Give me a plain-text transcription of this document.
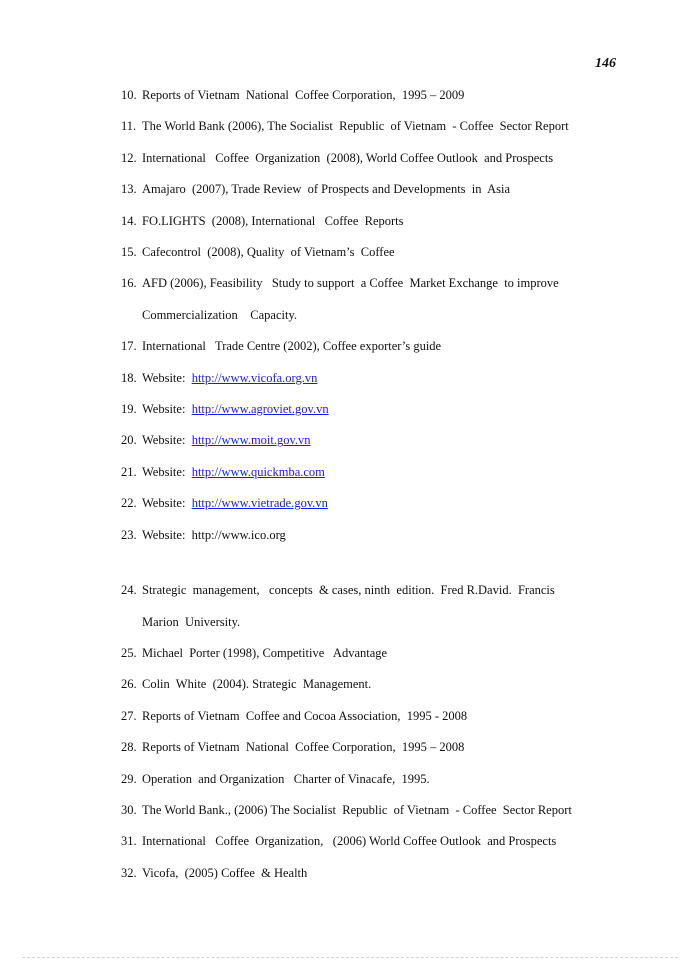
146
10. Reports of Vietnam  National  Coffee Corporation,  1995 – 2009
11. The World Bank (2006), The Socialist  Republic  of Vietnam  - Coffee  Sector Report
12. International   Coffee  Organization  (2008), World Coffee Outlook  and Prospects
13. Amajaro  (2007), Trade Review  of Prospects and Developments  in  Asia
14. FO.LIGHTS  (2008), International   Coffee  Reports
15. Cafecontrol  (2008), Quality  of Vietnam’s  Coffee
16. AFD (2006), Feasibility   Study to support  a Coffee  Market Exchange  to improve
Commercialization    Capacity.
17. International   Trade Centre (2002), Coffee exporter’s guide
18. Website:  http://www.vicofa.org.vn
19. Website:  http://www.agroviet.gov.vn
20. Website:  http://www.moit.gov.vn
21. Website:  http://www.quickmba.com
22. Website:  http://www.vietrade.gov.vn
23. Website:  http://www.ico.org
24. Strategic  management,   concepts  & cases, ninth  edition.  Fred R.David.  Francis
Marion  University.
25. Michael  Porter (1998), Competitive   Advantage
26. Colin  White  (2004). Strategic  Management.
27. Reports of Vietnam  Coffee and Cocoa Association,  1995 - 2008
28. Reports of Vietnam  National  Coffee Corporation,  1995 – 2008
29. Operation  and Organization   Charter of Vinacafe,  1995.
30. The World Bank., (2006) The Socialist  Republic  of Vietnam  - Coffee  Sector Report
31. International   Coffee  Organization,   (2006) World Coffee Outlook  and Prospects
32. Vicofa,  (2005) Coffee  & Health
